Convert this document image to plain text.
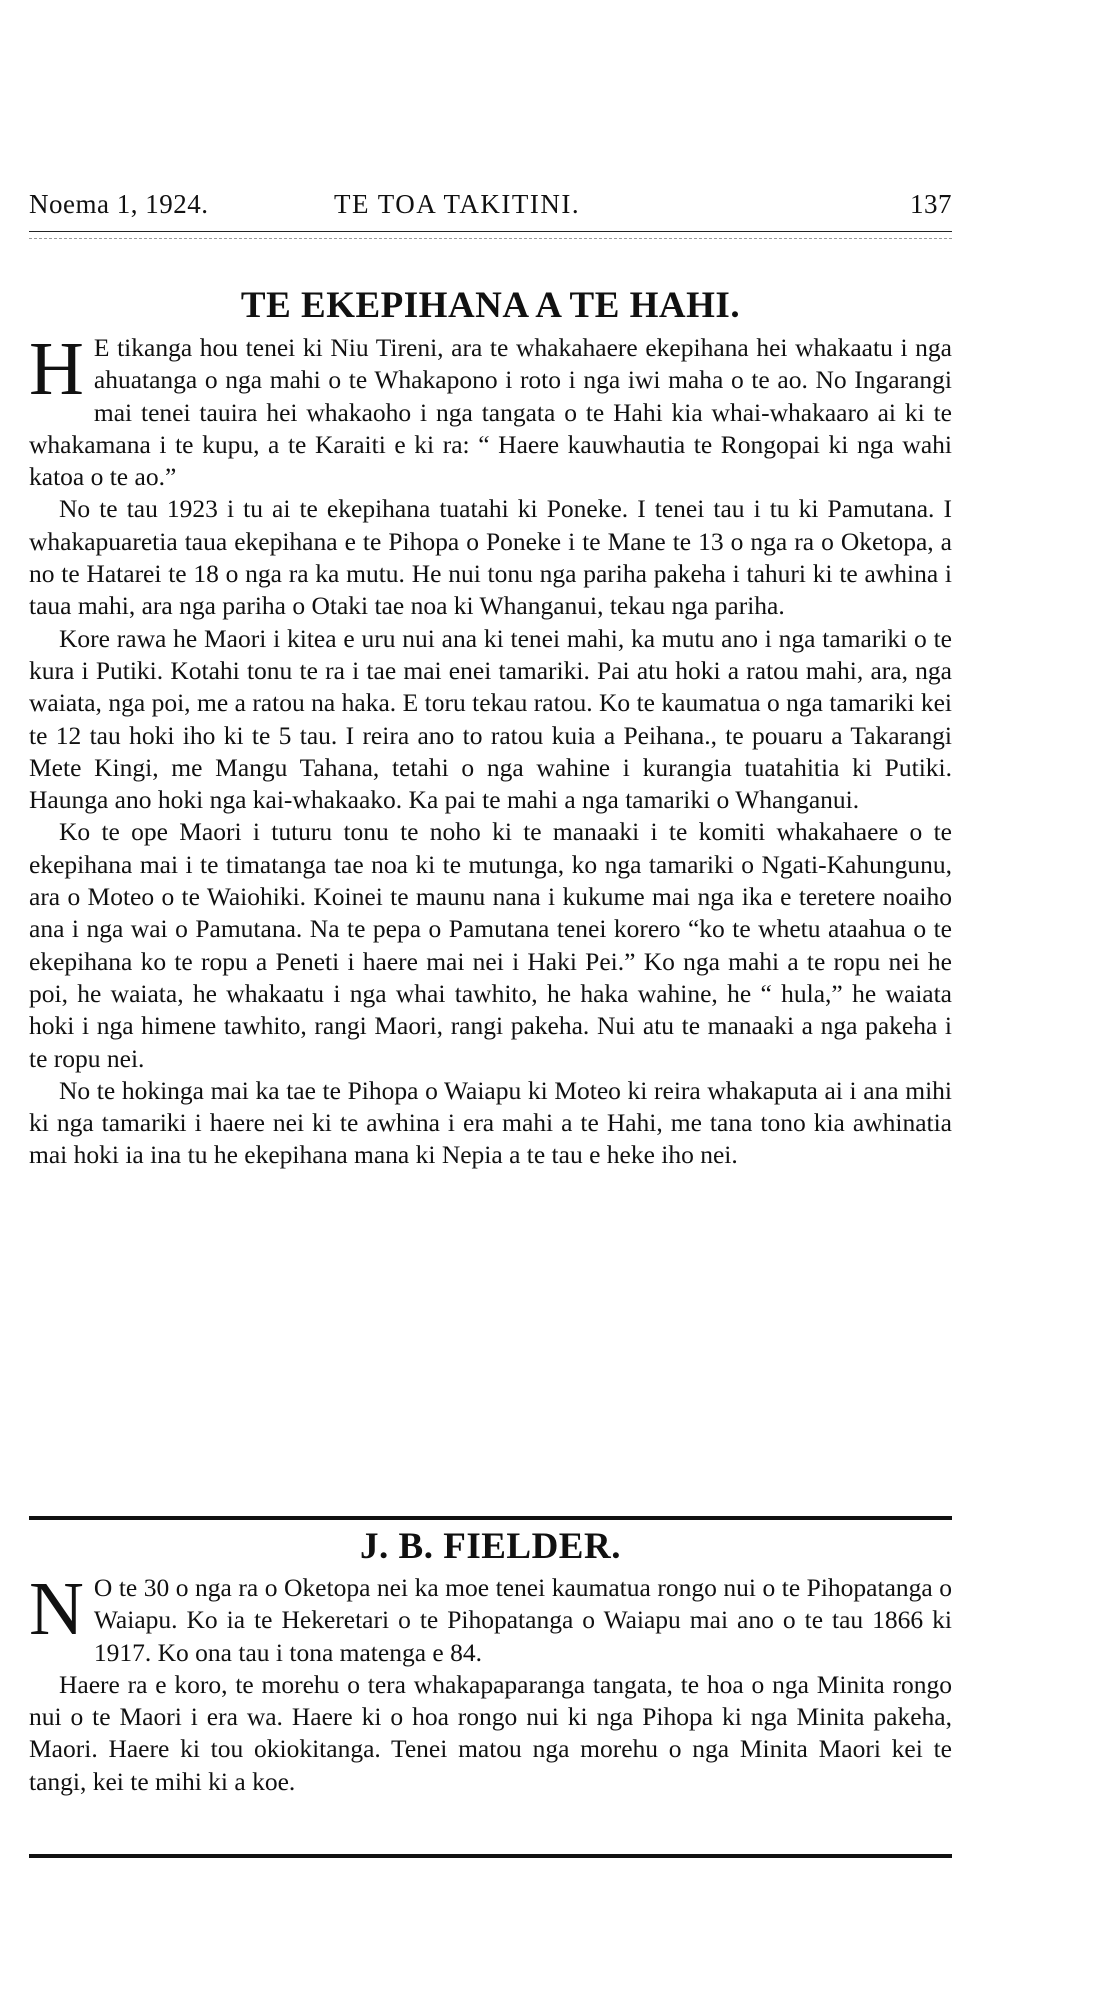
Noema 1, 1924.	TE TOA TAKITINI.	137
TE EKEPIHANA A TE HAHI.

H E tikanga hou tenei ki Niu Tireni, ara te whakahaere ekepihana hei whakaatu i nga ahuatanga o nga mahi o te Whakapono i roto i nga iwi maha o te ao. No Ingarangi mai tenei tauira hei whakaoho i nga tangata o te Hahi kia whai-whakaaro ai ki te whakamana i te kupu, a te Karaiti e ki ra: “ Haere kauwhautia te Rongopai ki nga wahi katoa o te ao.”

No te tau 1923 i tu ai te ekepihana tuatahi ki Poneke. I tenei tau i tu ki Pamutana. I whakapuaretia taua ekepihana e te Pihopa o Poneke i te Mane te 13 o nga ra o Oketopa, a no te Hatarei te 18 o nga ra ka mutu. He nui tonu nga pariha pakeha i tahuri ki te awhina i taua mahi, ara nga pariha o Otaki tae noa ki Whanganui, tekau nga pariha.

Kore rawa he Maori i kitea e uru nui ana ki tenei mahi, ka mutu ano i nga tamariki o te kura i Putiki. Kotahi tonu te ra i tae mai enei tamariki. Pai atu hoki a ratou mahi, ara, nga waiata, nga poi, me a ratou na haka. E toru tekau ratou. Ko te kaumatua o nga tamariki kei te 12 tau hoki iho ki te 5 tau. I reira ano to ratou kuia a Peihana., te pouaru a Takarangi Mete Kingi, me Mangu Tahana, tetahi o nga wahine i kurangia tuatahitia ki Putiki. Haunga ano hoki nga kai-whakaako. Ka pai te mahi a nga tamariki o Whanganui.

Ko te ope Maori i tuturu tonu te noho ki te manaaki i te komiti whakahaere o te ekepihana mai i te timatanga tae noa ki te mutunga, ko nga tamariki o Ngati-Kahungunu, ara o Moteo o te Waiohiki. Koinei te maunu nana i kukume mai nga ika e teretere noaiho ana i nga wai o Pamutana. Na te pepa o Pamutana tenei korero “ko te whetu ataahua o te ekepihana ko te ropu a Peneti i haere mai nei i Haki Pei.” Ko nga mahi a te ropu nei he poi, he waiata, he whakaatu i nga whai tawhito, he haka wahine, he “ hula,” he waiata hoki i nga himene tawhito, rangi Maori, rangi pakeha. Nui atu te manaaki a nga pakeha i te ropu nei.

No te hokinga mai ka tae te Pihopa o Waiapu ki Moteo ki reira whakaputa ai i ana mihi ki nga tamariki i haere nei ki te awhina i era mahi a te Hahi, me tana tono kia awhinatia mai hoki ia ina tu he ekepihana mana ki Nepia a te tau e heke iho nei.

J. B. FIELDER.

N O te 30 o nga ra o Oketopa nei ka moe tenei kaumatua rongo nui o te Pihopatanga o Waiapu. Ko ia te Hekeretari o te Pihopatanga o Waiapu mai ano o te tau 1866 ki 1917. Ko ona tau i tona matenga e 84.

Haere ra e koro, te morehu o tera whakapaparanga tangata, te hoa o nga Minita rongo nui o te Maori i era wa. Haere ki o hoa rongo nui ki nga Pihopa ki nga Minita pakeha, Maori. Haere ki tou okiokitanga. Tenei matou nga morehu o nga Minita Maori kei te tangi, kei te mihi ki a koe.
